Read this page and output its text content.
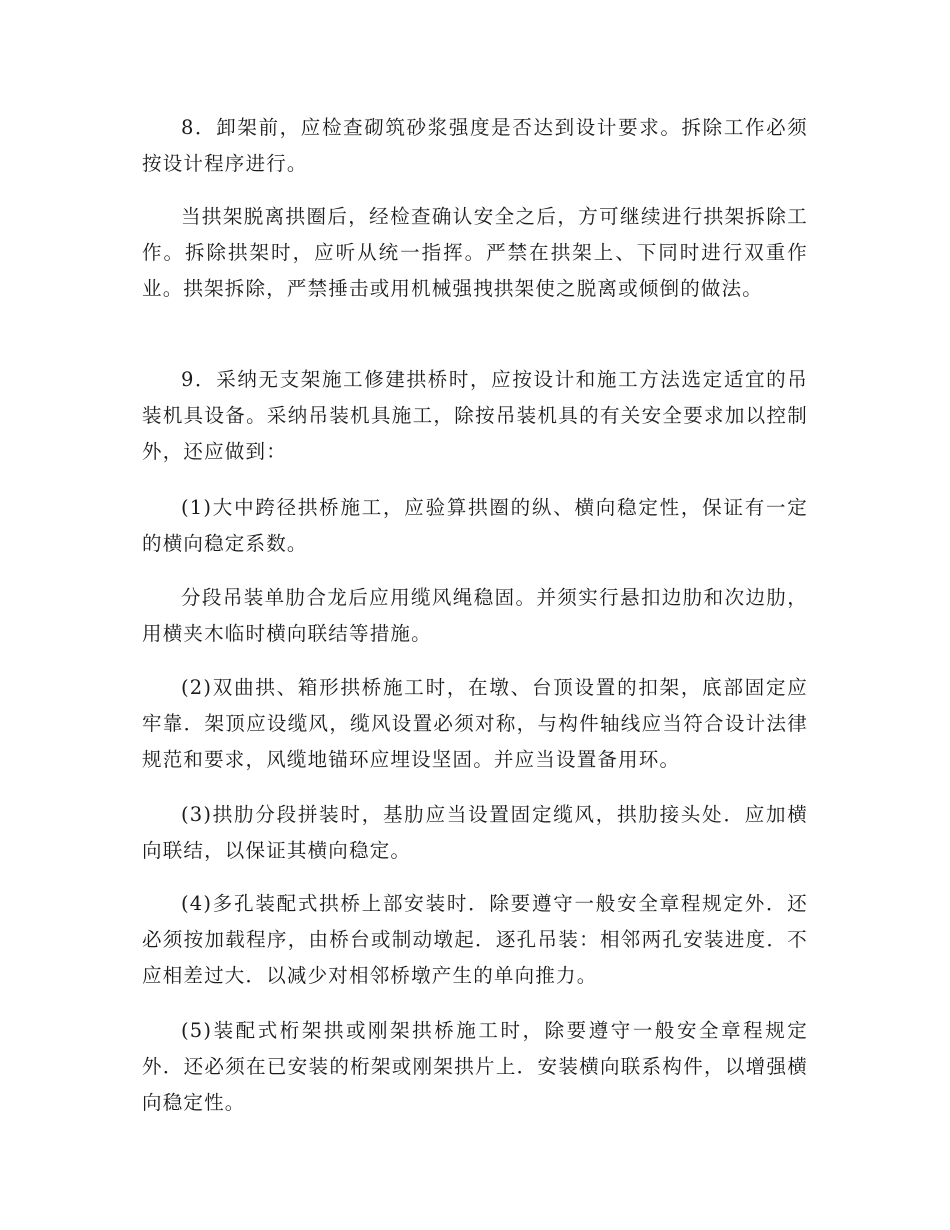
8．卸架前，应检查砌筑砂浆强度是否达到设计要求。拆除工作必须按设计程序进行。

当拱架脱离拱圈后，经检查确认安全之后，方可继续进行拱架拆除工作。拆除拱架时，应听从统一指挥。严禁在拱架上、下同时进行双重作业。拱架拆除，严禁捶击或用机械强拽拱架使之脱离或倾倒的做法。

9．采纳无支架施工修建拱桥时，应按设计和施工方法选定适宜的吊装机具设备。采纳吊装机具施工，除按吊装机具的有关安全要求加以控制外，还应做到：

(1)大中跨径拱桥施工，应验算拱圈的纵、横向稳定性，保证有一定的横向稳定系数。

分段吊装单肋合龙后应用缆风绳稳固。并须实行悬扣边肋和次边肋，用横夹木临时横向联结等措施。

(2)双曲拱、箱形拱桥施工时，在墩、台顶设置的扣架，底部固定应牢靠．架顶应设缆风，缆风设置必须对称，与构件轴线应当符合设计法律规范和要求，风缆地锚环应埋设坚固。并应当设置备用环。

(3)拱肋分段拼装时，基肋应当设置固定缆风，拱肋接头处．应加横向联结，以保证其横向稳定。

(4)多孔装配式拱桥上部安装时．除要遵守一般安全章程规定外．还必须按加载程序，由桥台或制动墩起．逐孔吊装：相邻两孔安装进度．不应相差过大．以减少对相邻桥墩产生的单向推力。

(5)装配式桁架拱或刚架拱桥施工时，除要遵守一般安全章程规定外．还必须在已安装的桁架或刚架拱片上．安装横向联系构件，以增强横向稳定性。
